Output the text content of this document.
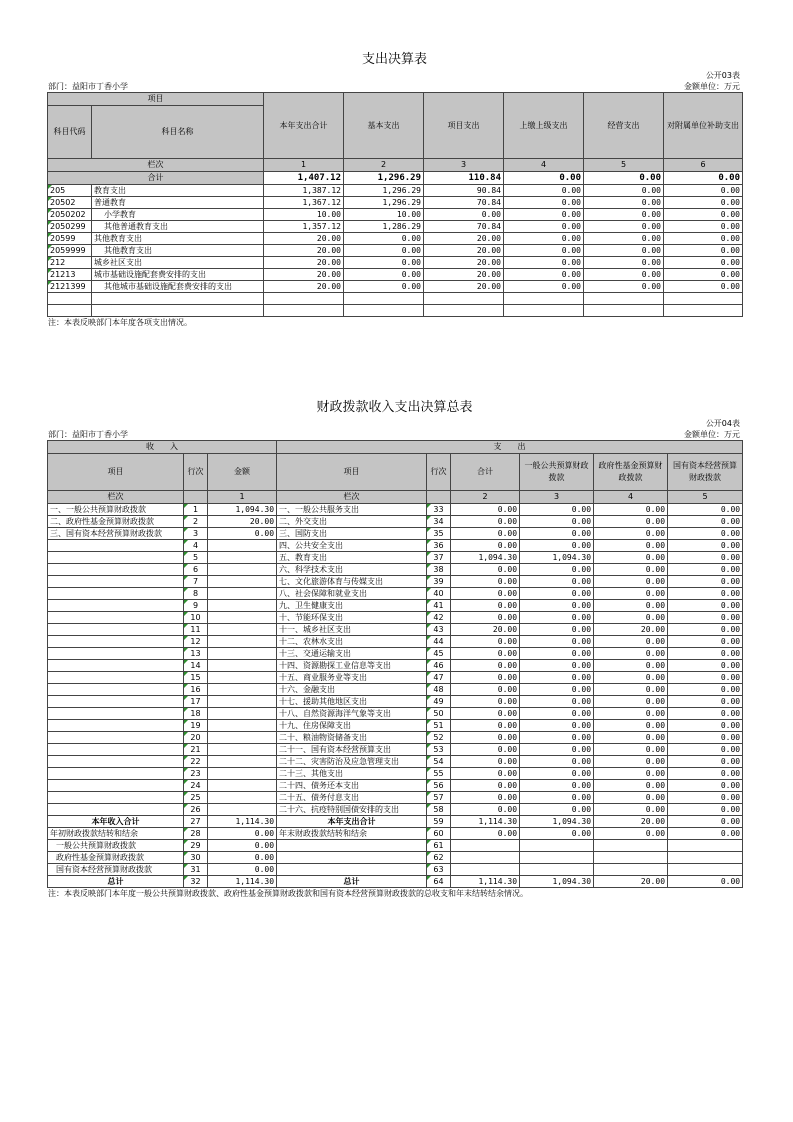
支出决算表
公开03表
部门：益阳市丁香小学	金额单位：万元
项目		本年支出合计	基本支出	项目支出	上缴上级支出	经营支出	对附属单位补助支出
科目代码	科目名称						
栏次		1	2	3	4	5	6
合计		1,407.12	1,296.29	110.84	0.00	0.00	0.00
205	教育支出	1,387.12	1,296.29	90.84	0.00	0.00	0.00
20502	普通教育	1,367.12	1,296.29	70.84	0.00	0.00	0.00
2050202	小学教育	10.00	10.00	0.00	0.00	0.00	0.00
2050299	其他普通教育支出	1,357.12	1,286.29	70.84	0.00	0.00	0.00
20599	其他教育支出	20.00	0.00	20.00	0.00	0.00	0.00
2059999	其他教育支出	20.00	0.00	20.00	0.00	0.00	0.00
212	城乡社区支出	20.00	0.00	20.00	0.00	0.00	0.00
21213	城市基础设施配套费安排的支出	20.00	0.00	20.00	0.00	0.00	0.00
2121399	其他城市基础设施配套费安排的支出	20.00	0.00	20.00	0.00	0.00	0.00

注：本表反映部门本年度各项支出情况。
财政拨款收入支出决算总表
公开04表
部门：益阳市丁香小学	金额单位：万元
收　　入			支　　出					
项目	行次	金额	项目	行次	合计	一般公共预算财政拨款	政府性基金预算财政拨款	国有资本经营预算财政拨款
栏次		1	栏次		2	3	4	5
一、一般公共预算财政拨款	1	1,094.30	一、一般公共服务支出	33	0.00	0.00	0.00	0.00
二、政府性基金预算财政拨款	2	20.00	二、外交支出	34	0.00	0.00	0.00	0.00
三、国有资本经营预算财政拨款	3	0.00	三、国防支出	35	0.00	0.00	0.00	0.00
	4		四、公共安全支出	36	0.00	0.00	0.00	0.00
	5		五、教育支出	37	1,094.30	1,094.30	0.00	0.00
	6		六、科学技术支出	38	0.00	0.00	0.00	0.00
	7		七、文化旅游体育与传媒支出	39	0.00	0.00	0.00	0.00
	8		八、社会保障和就业支出	40	0.00	0.00	0.00	0.00
	9		九、卫生健康支出	41	0.00	0.00	0.00	0.00
	10		十、节能环保支出	42	0.00	0.00	0.00	0.00
	11		十一、城乡社区支出	43	20.00	0.00	20.00	0.00
	12		十二、农林水支出	44	0.00	0.00	0.00	0.00
	13		十三、交通运输支出	45	0.00	0.00	0.00	0.00
	14		十四、资源勘探工业信息等支出	46	0.00	0.00	0.00	0.00
	15		十五、商业服务业等支出	47	0.00	0.00	0.00	0.00
	16		十六、金融支出	48	0.00	0.00	0.00	0.00
	17		十七、援助其他地区支出	49	0.00	0.00	0.00	0.00
	18		十八、自然资源海洋气象等支出	50	0.00	0.00	0.00	0.00
	19		十九、住房保障支出	51	0.00	0.00	0.00	0.00
	20		二十、粮油物资储备支出	52	0.00	0.00	0.00	0.00
	21		二十一、国有资本经营预算支出	53	0.00	0.00	0.00	0.00
	22		二十二、灾害防治及应急管理支出	54	0.00	0.00	0.00	0.00
	23		二十三、其他支出	55	0.00	0.00	0.00	0.00
	24		二十四、债务还本支出	56	0.00	0.00	0.00	0.00
	25		二十五、债务付息支出	57	0.00	0.00	0.00	0.00
	26		二十六、抗疫特别国债安排的支出	58	0.00	0.00	0.00	0.00
本年收入合计	27	1,114.30	本年支出合计	59	1,114.30	1,094.30	20.00	0.00
年初财政拨款结转和结余	28	0.00	年末财政拨款结转和结余	60	0.00	0.00	0.00	0.00
一般公共预算财政拨款	29	0.00		61				
政府性基金预算财政拨款	30	0.00		62				
国有资本经营预算财政拨款	31	0.00		63				
总计	32	1,114.30	总计	64	1,114.30	1,094.30	20.00	0.00
注：本表反映部门本年度一般公共预算财政拨款、政府性基金预算财政拨款和国有资本经营预算财政拨款的总收支和年末结转结余情况。
